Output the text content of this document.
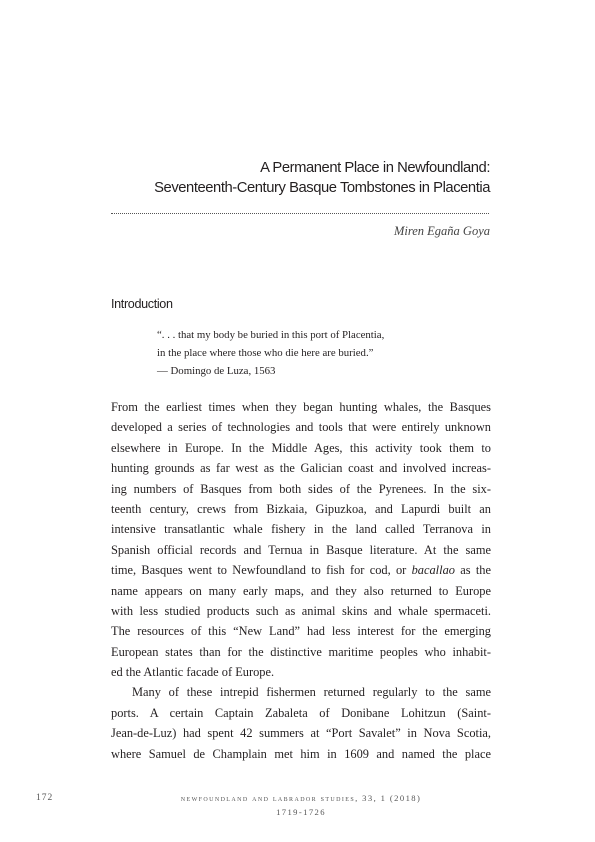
A Permanent Place in Newfoundland:
Seventeenth-Century Basque Tombstones in Placentia
Miren Egaña Goya
Introduction
“. . . that my body be buried in this port of Placentia,
in the place where those who die here are buried.”
— Domingo de Luza, 1563
From the earliest times when they began hunting whales, the Basques
developed a series of technologies and tools that were entirely unknown
elsewhere in Europe. In the Middle Ages, this activity took them to
hunting grounds as far west as the Galician coast and involved increas-
ing numbers of Basques from both sides of the Pyrenees. In the six-
teenth century, crews from Bizkaia, Gipuzkoa, and Lapurdi built an
intensive transatlantic whale fishery in the land called Terranova in
Spanish official records and Ternua in Basque literature. At the same
time, Basques went to Newfoundland to fish for cod, or bacallao as the
name appears on many early maps, and they also returned to Europe
with less studied products such as animal skins and whale spermaceti.
The resources of this “New Land” had less interest for the emerging
European states than for the distinctive maritime peoples who inhabit-
ed the Atlantic facade of Europe.
Many of these intrepid fishermen returned regularly to the same
ports. A certain Captain Zabaleta of Donibane Lohitzun (Saint-
Jean-de-Luz) had spent 42 summers at “Port Savalet” in Nova Scotia,
where Samuel de Champlain met him in 1609 and named the place
172	newfoundland and labrador studies, 33, 1 (2018)
1719-1726
